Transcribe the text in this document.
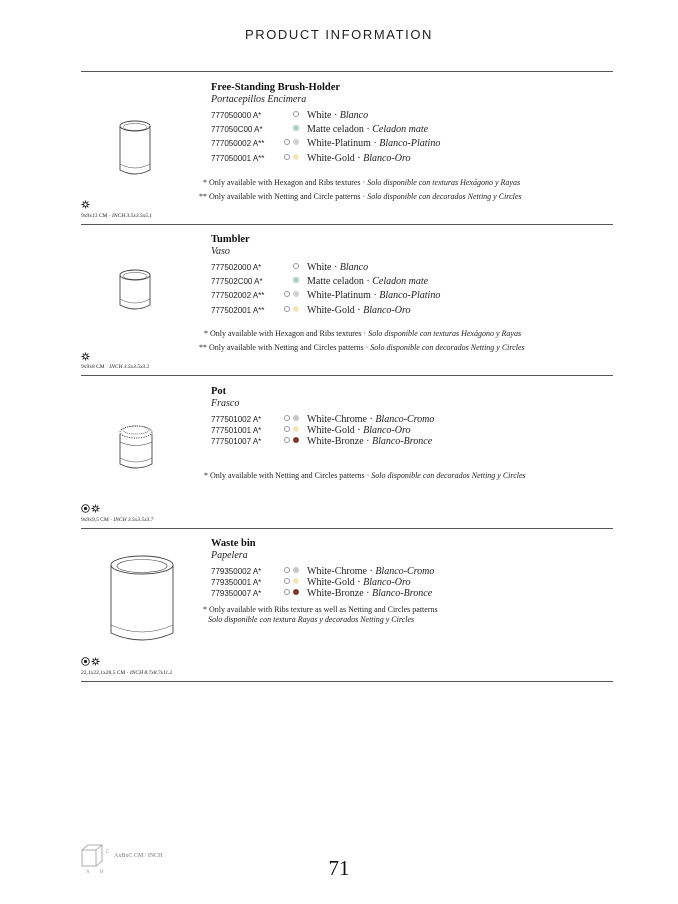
PRODUCT INFORMATION
Free-Standing Brush-Holder
Portacepillos Encimera
777050000 A*	White · Blanco
777050C00 A*	Matte celadon · Celadon mate
777050002 A**	White-Platinum · Blanco-Platino
777050001 A**	White-Gold · Blanco-Oro
* Only available with Hexagon and Ribs textures · Solo disponible con texturas Hexágono y Rayas
** Only available with Netting and Circle patterns · Solo disponible con decorados Netting y Circles
9x9x13 CM · INCH 3.5x3.5x5.1
Tumbler
Vaso
777502000 A*	White · Blanco
777502C00 A*	Matte celadon · Celadon mate
777502002 A**	White-Platinum · Blanco-Platino
777502001 A**	White-Gold · Blanco-Oro
* Only available with Hexagon and Ribs textures · Solo disponible con texturas Hexágono y Rayas
** Only available with Netting and Circles patterns · Solo disponible con decorados Netting y Circles
9x9x8 CM · INCH 3.5x3.5x3.2
Pot
Frasco
777501002 A*	White-Chrome · Blanco-Cromo
777501001 A*	White-Gold · Blanco-Oro
777501007 A*	White-Bronze · Blanco-Bronce
* Only available with Netting and Circles patterns · Solo disponible con decorados Netting y Circles
9x9x9,5 CM · INCH 3.5x3.5x3.7
Waste bin
Papelera
779350002 A*	White-Chrome · Blanco-Cromo
779350001 A*	White-Gold · Blanco-Oro
779350007 A*	White-Bronze · Blanco-Bronce
* Only available with Ribs texture as well as Netting and Circles patterns
Solo disponible con textura Rayas y decorados Netting y Circles
22,1x22,1x28,5 CM · INCH 8.7x8.7x11.2
A B
C
AxBxC CM / INCH	71
